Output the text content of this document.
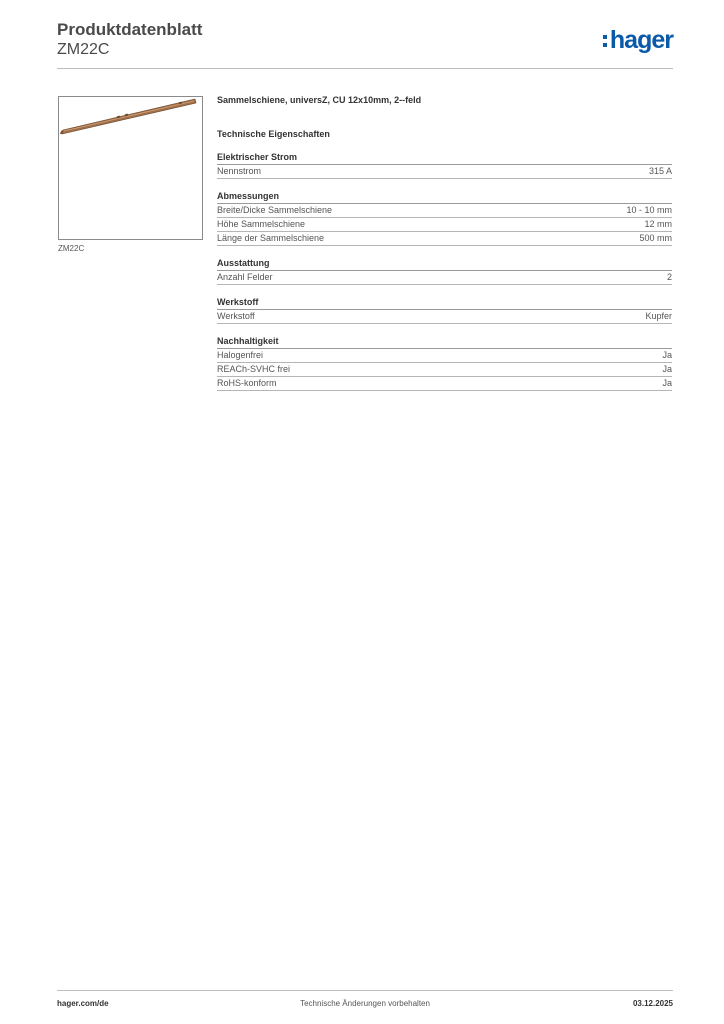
Produktdatenblatt
ZM22C	hager
ZM22C
Sammelschiene, universZ, CU 12x10mm, 2--feld
Technische Eigenschaften
Elektrischer Strom
Nennstrom	315 A
Abmessungen
Breite/Dicke Sammelschiene	10 - 10 mm
Höhe Sammelschiene	12 mm
Länge der Sammelschiene	500 mm
Ausstattung
Anzahl Felder	2
Werkstoff
Werkstoff	Kupfer
Nachhaltigkeit
Halogenfrei	Ja
REACh-SVHC frei	Ja
RoHS-konform	Ja
hager.com/de	Technische Änderungen vorbehalten	03.12.2025
